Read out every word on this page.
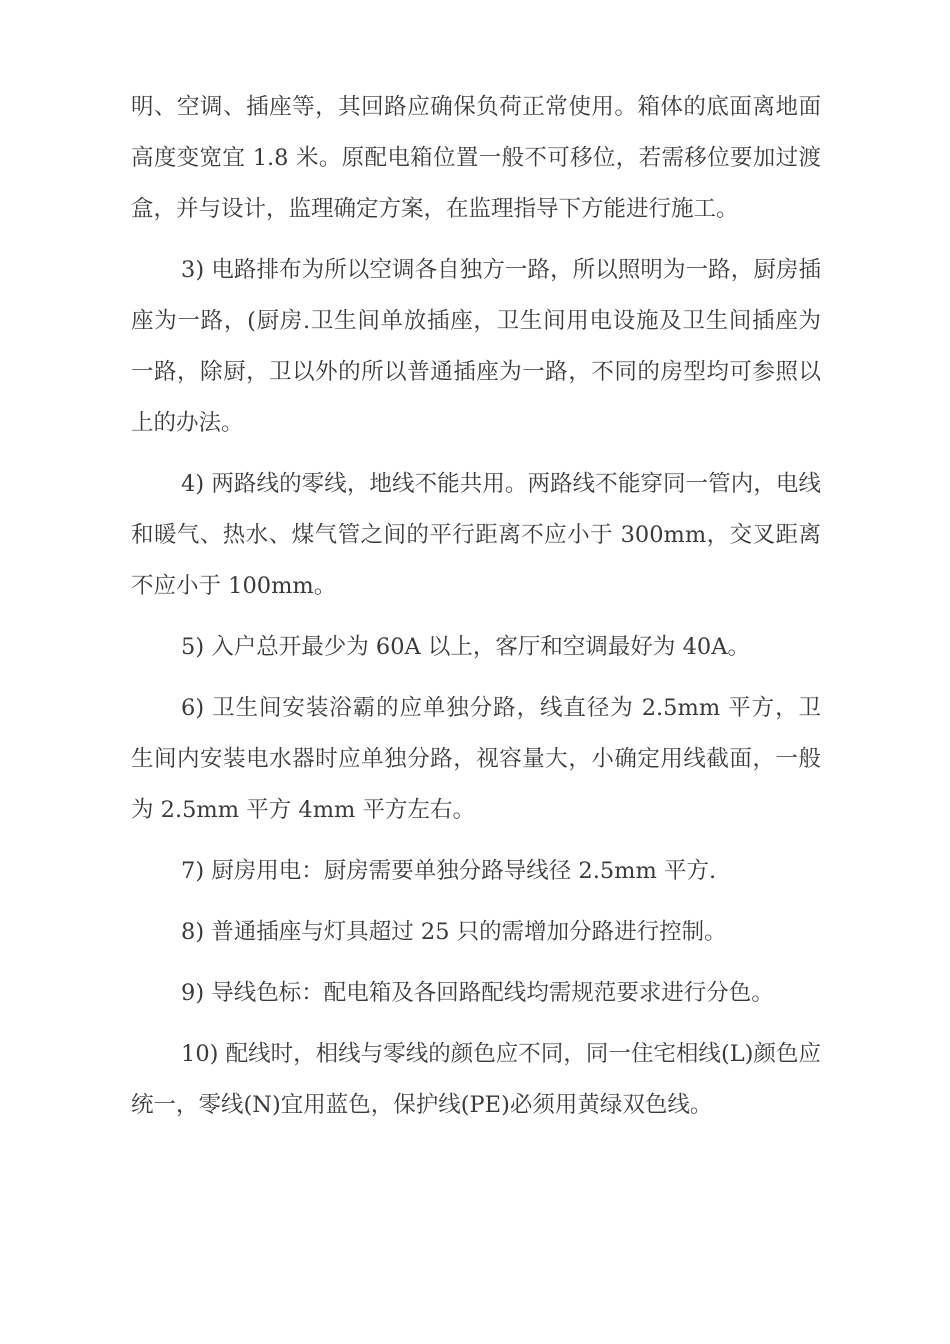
明、空调、插座等，其回路应确保负荷正常使用。箱体的底面离地面高度变宽宜 1.8 米。原配电箱位置一般不可移位，若需移位要加过渡盒，并与设计，监理确定方案，在监理指导下方能进行施工。

3) 电路排布为所以空调各自独方一路，所以照明为一路，厨房插座为一路，(厨房.卫生间单放插座，卫生间用电设施及卫生间插座为一路，除厨，卫以外的所以普通插座为一路，不同的房型均可参照以上的办法。

4) 两路线的零线，地线不能共用。两路线不能穿同一管内，电线和暖气、热水、煤气管之间的平行距离不应小于 300mm，交叉距离不应小于 100mm。

5) 入户总开最少为 60A 以上，客厅和空调最好为 40A。

6) 卫生间安装浴霸的应单独分路，线直径为 2.5mm 平方，卫生间内安装电水器时应单独分路，视容量大，小确定用线截面，一般为 2.5mm 平方 4mm 平方左右。

7) 厨房用电：厨房需要单独分路导线径 2.5mm 平方.

8) 普通插座与灯具超过 25 只的需增加分路进行控制。

9) 导线色标：配电箱及各回路配线均需规范要求进行分色。

10) 配线时，相线与零线的颜色应不同，同一住宅相线(L)颜色应统一，零线(N)宜用蓝色，保护线(PE)必须用黄绿双色线。
